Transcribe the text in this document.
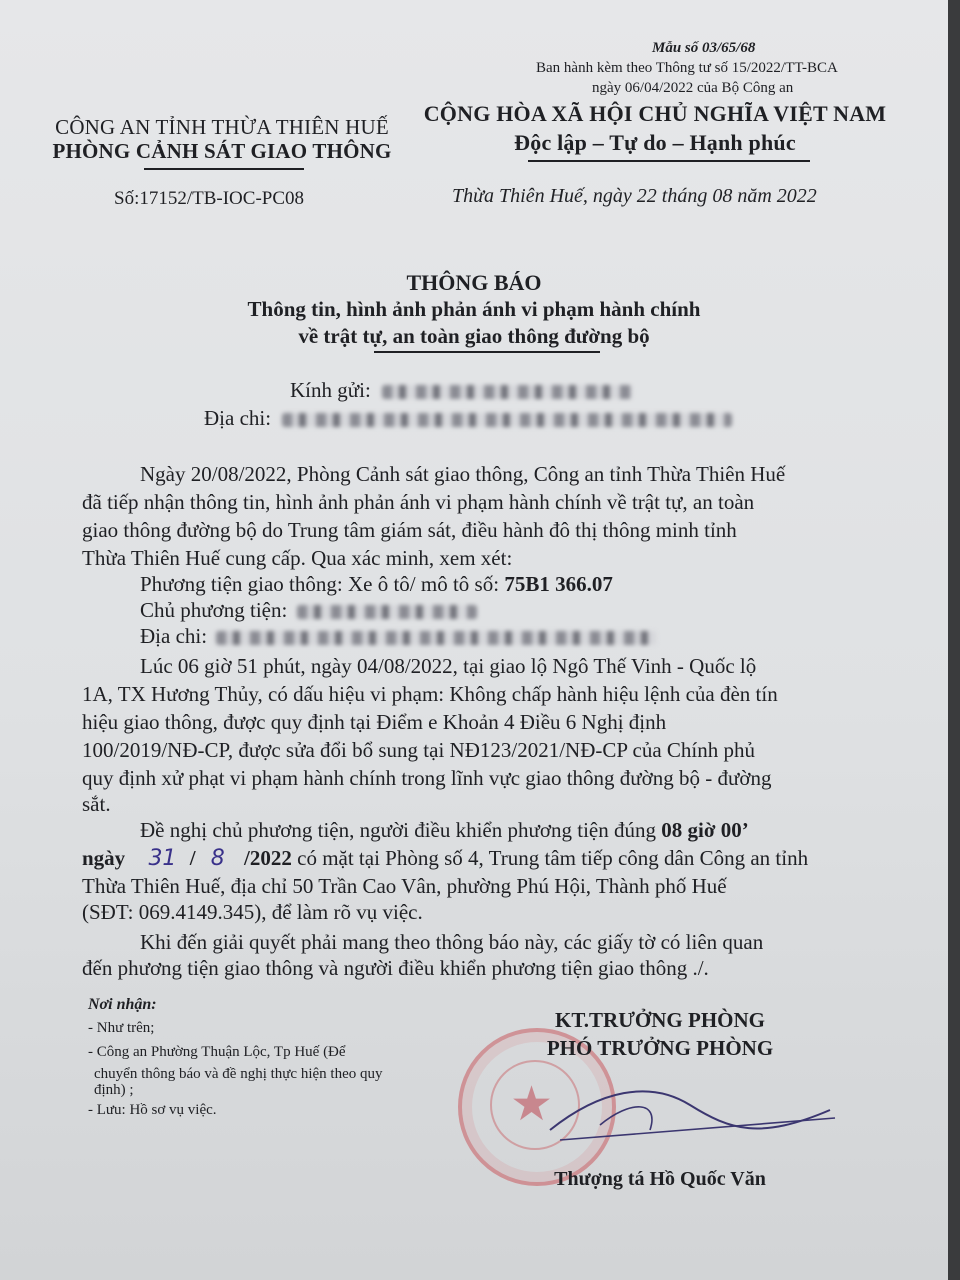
Mẫu số 03/65/68
Ban hành kèm theo Thông tư số 15/2022/TT-BCA
ngày 06/04/2022 của Bộ Công an
CÔNG AN TỈNH THỪA THIÊN HUẾ
PHÒNG CẢNH SÁT GIAO THÔNG
Số:17152/TB-IOC-PC08
CỘNG HÒA XÃ HỘI CHỦ NGHĨA VIỆT NAM
Độc lập – Tự do – Hạnh phúc
Thừa Thiên Huế, ngày 22 tháng 08 năm 2022
THÔNG BÁO
Thông tin, hình ảnh phản ánh vi phạm hành chính
về trật tự, an toàn giao thông đường bộ
Kính gửi:
Địa chi:
Ngày 20/08/2022, Phòng Cảnh sát giao thông, Công an tỉnh Thừa Thiên Huế
đã tiếp nhận thông tin, hình ảnh phản ánh vi phạm hành chính về trật tự, an toàn
giao thông đường bộ do Trung tâm giám sát, điều hành đô thị thông minh tỉnh
Thừa Thiên Huế cung cấp. Qua xác minh, xem xét:
Phương tiện giao thông: Xe ô tô/ mô tô số: 75B1 366.07
Chủ phương tiện:
Địa chi:
Lúc 06 giờ 51 phút, ngày 04/08/2022, tại giao lộ Ngô Thế Vinh - Quốc lộ
1A, TX Hương Thủy, có dấu hiệu vi phạm: Không chấp hành hiệu lệnh của đèn tín
hiệu giao thông, được quy định tại Điểm e Khoản 4 Điều 6 Nghị định
100/2019/NĐ-CP, được sửa đổi bổ sung tại NĐ123/2021/NĐ-CP của Chính phủ
quy định xử phạt vi phạm hành chính trong lĩnh vực giao thông đường bộ - đường
sắt.
Đề nghị chủ phương tiện, người điều khiển phương tiện đúng 08 giờ 00’
ngày 31 / 8 /2022 có mặt tại Phòng số 4, Trung tâm tiếp công dân Công an tỉnh
Thừa Thiên Huế, địa chỉ 50 Trần Cao Vân, phường Phú Hội, Thành phố Huế
(SĐT: 069.4149.345), để làm rõ vụ việc.
Khi đến giải quyết phải mang theo thông báo này, các giấy tờ có liên quan
đến phương tiện giao thông và người điều khiển phương tiện giao thông ./.
Nơi nhận:
- Như trên;
- Công an Phường Thuận Lộc, Tp Huế (Để
chuyển thông báo và đề nghị thực hiện theo quy
định) ;
- Lưu: Hồ sơ vụ việc.	★
KT.TRƯỞNG PHÒNG
PHÓ TRƯỞNG PHÒNG
Thượng tá Hồ Quốc Văn
